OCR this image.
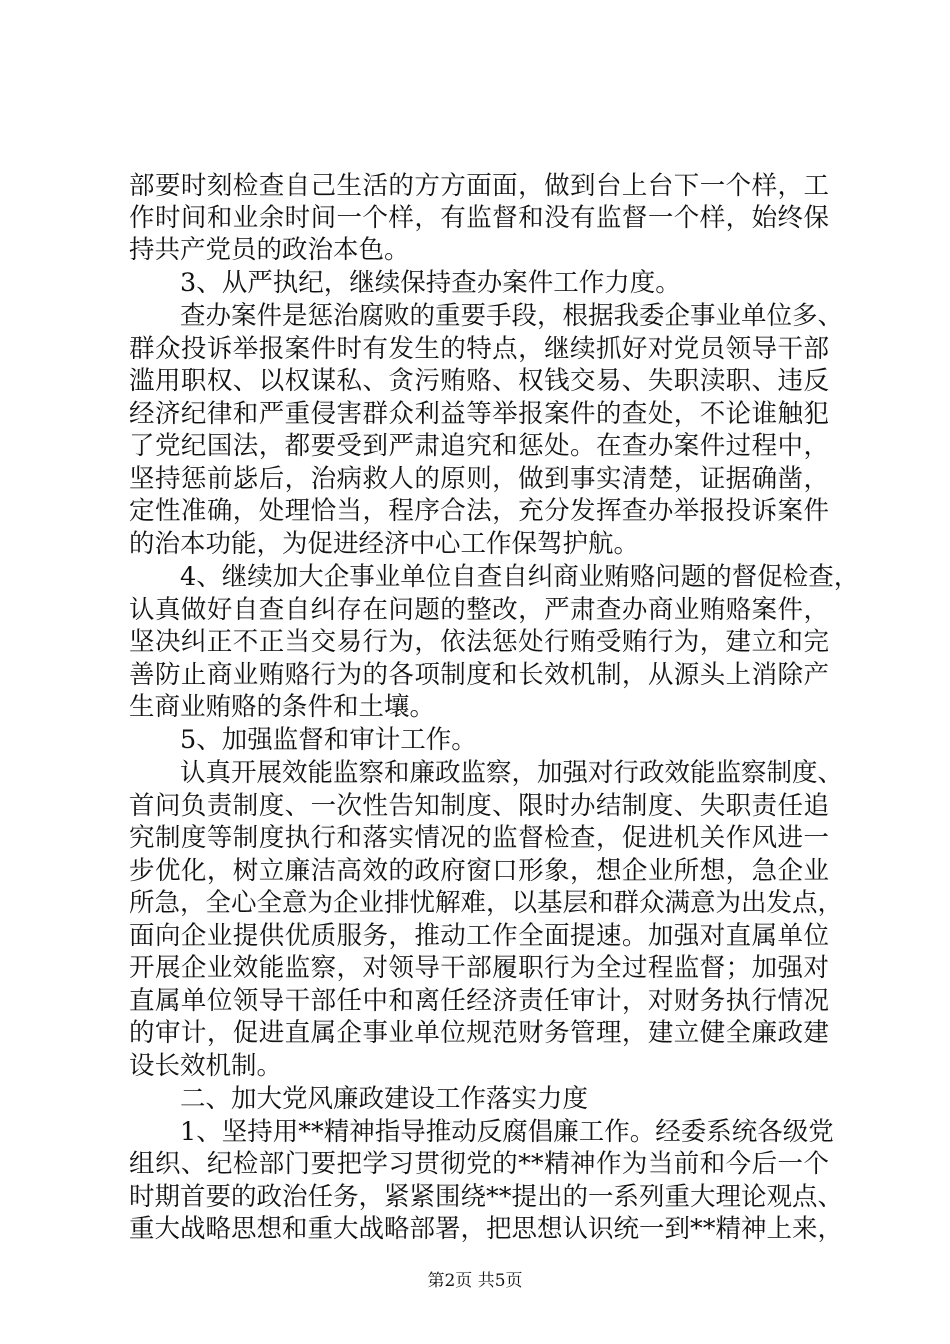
部要时刻检查自己生活的方方面面，做到台上台下一个样，工
作时间和业余时间一个样，有监督和没有监督一个样，始终保
持共产党员的政治本色。
　　3、从严执纪，继续保持查办案件工作力度。
　　查办案件是惩治腐败的重要手段，根据我委企事业单位多、
群众投诉举报案件时有发生的特点，继续抓好对党员领导干部
滥用职权、以权谋私、贪污贿赂、权钱交易、失职渎职、违反
经济纪律和严重侵害群众利益等举报案件的查处，不论谁触犯
了党纪国法，都要受到严肃追究和惩处。在查办案件过程中，
坚持惩前毖后，治病救人的原则，做到事实清楚，证据确凿，
定性准确，处理恰当，程序合法，充分发挥查办举报投诉案件
的治本功能，为促进经济中心工作保驾护航。
　　4、继续加大企事业单位自查自纠商业贿赂问题的督促检查，
认真做好自查自纠存在问题的整改，严肃查办商业贿赂案件，
坚决纠正不正当交易行为，依法惩处行贿受贿行为，建立和完
善防止商业贿赂行为的各项制度和长效机制，从源头上消除产
生商业贿赂的条件和土壤。
　　5、加强监督和审计工作。
　　认真开展效能监察和廉政监察，加强对行政效能监察制度、
首问负责制度、一次性告知制度、限时办结制度、失职责任追
究制度等制度执行和落实情况的监督检查，促进机关作风进一
步优化，树立廉洁高效的政府窗口形象，想企业所想，急企业
所急，全心全意为企业排忧解难，以基层和群众满意为出发点，
面向企业提供优质服务，推动工作全面提速。加强对直属单位
开展企业效能监察，对领导干部履职行为全过程监督；加强对
直属单位领导干部任中和离任经济责任审计，对财务执行情况
的审计，促进直属企事业单位规范财务管理，建立健全廉政建
设长效机制。
　　二、加大党风廉政建设工作落实力度
　　1、坚持用**精神指导推动反腐倡廉工作。经委系统各级党
组织、纪检部门要把学习贯彻党的**精神作为当前和今后一个
时期首要的政治任务，紧紧围绕**提出的一系列重大理论观点、
重大战略思想和重大战略部署，把思想认识统一到**精神上来，
第2页 共5页
